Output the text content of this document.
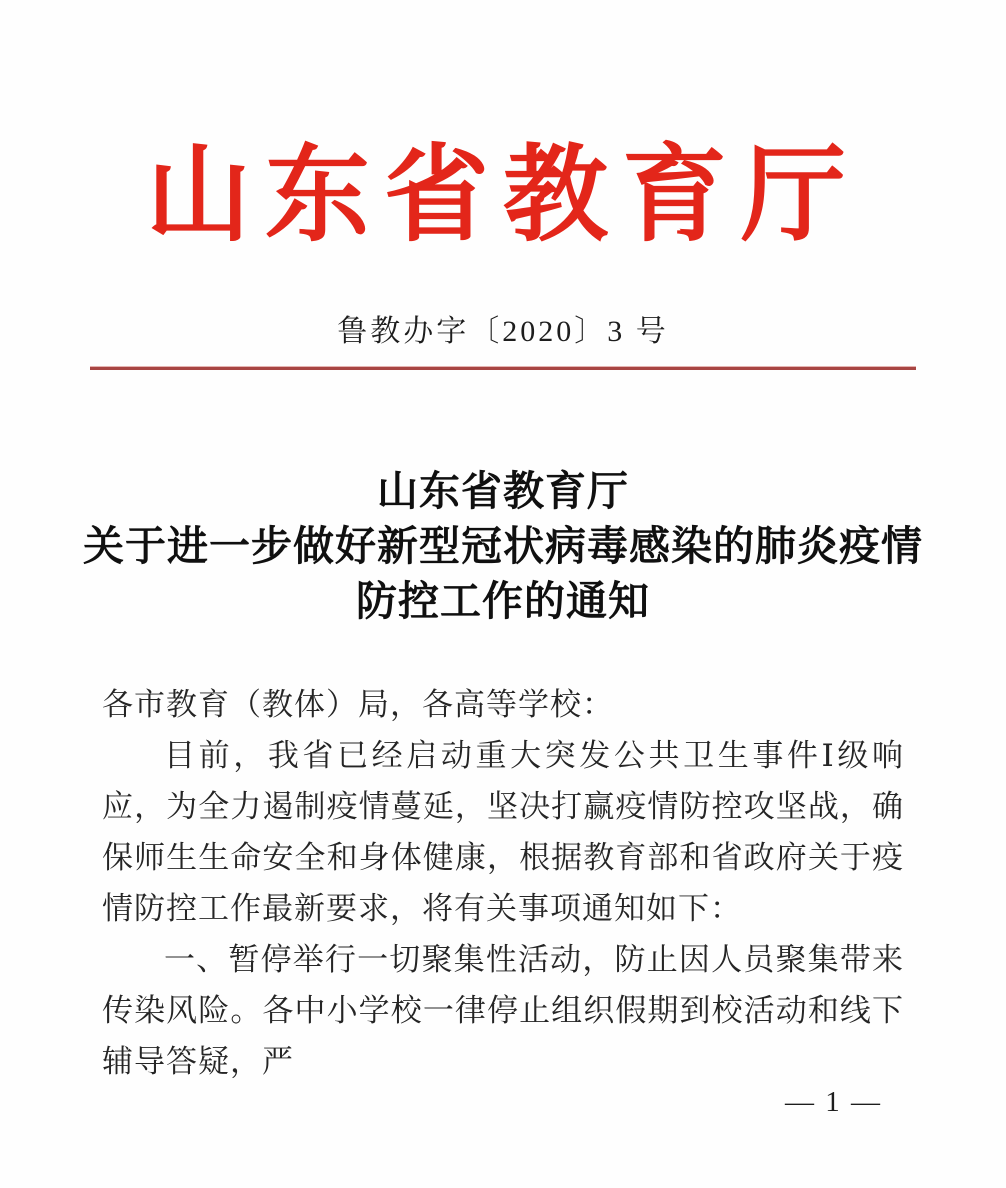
山东省教育厅
鲁教办字〔2020〕3 号
山东省教育厅
关于进一步做好新型冠状病毒感染的肺炎疫情
防控工作的通知

各市教育（教体）局，各高等学校：

目前，我省已经启动重大突发公共卫生事件Ⅰ级响应，为全力遏制疫情蔓延，坚决打赢疫情防控攻坚战，确保师生生命安全和身体健康，根据教育部和省政府关于疫情防控工作最新要求，将有关事项通知如下：

一、暂停举行一切聚集性活动，防止因人员聚集带来传染风险。各中小学校一律停止组织假期到校活动和线下辅导答疑，严

— 1 —
